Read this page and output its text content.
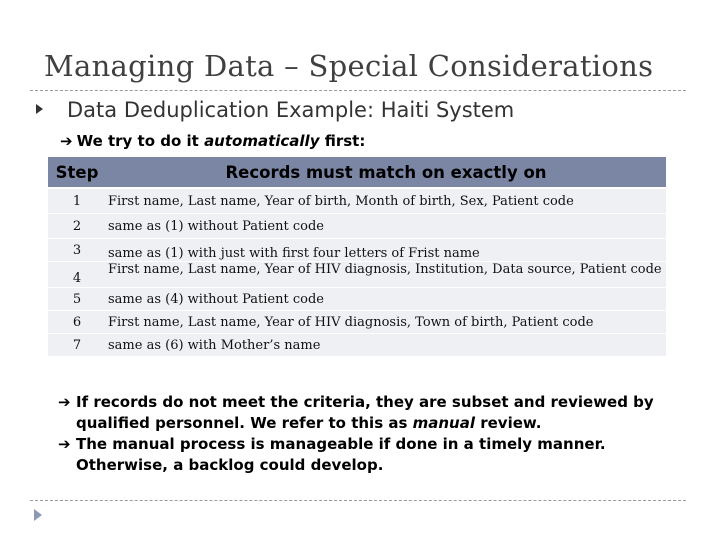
Managing Data – Special Considerations
Data Deduplication Example: Haiti System
➔ We try to do it automatically first:
Step	Records must match on exactly on
1	First name, Last name, Year of birth, Month of birth, Sex, Patient code
2	same as (1) without Patient code
3	same as (1) with just with first four letters of Frist name
4	First name, Last name, Year of HIV diagnosis, Institution, Data source, Patient code
5	same as (4) without Patient code
6	First name, Last name, Year of HIV diagnosis, Town of birth, Patient code
7	same as (6) with Mother’s name

➔ If records do not meet the criteria, they are subset and reviewed by qualified personnel. We refer to this as manual review.

➔ The manual process is manageable if done in a timely manner. Otherwise, a backlog could develop.
